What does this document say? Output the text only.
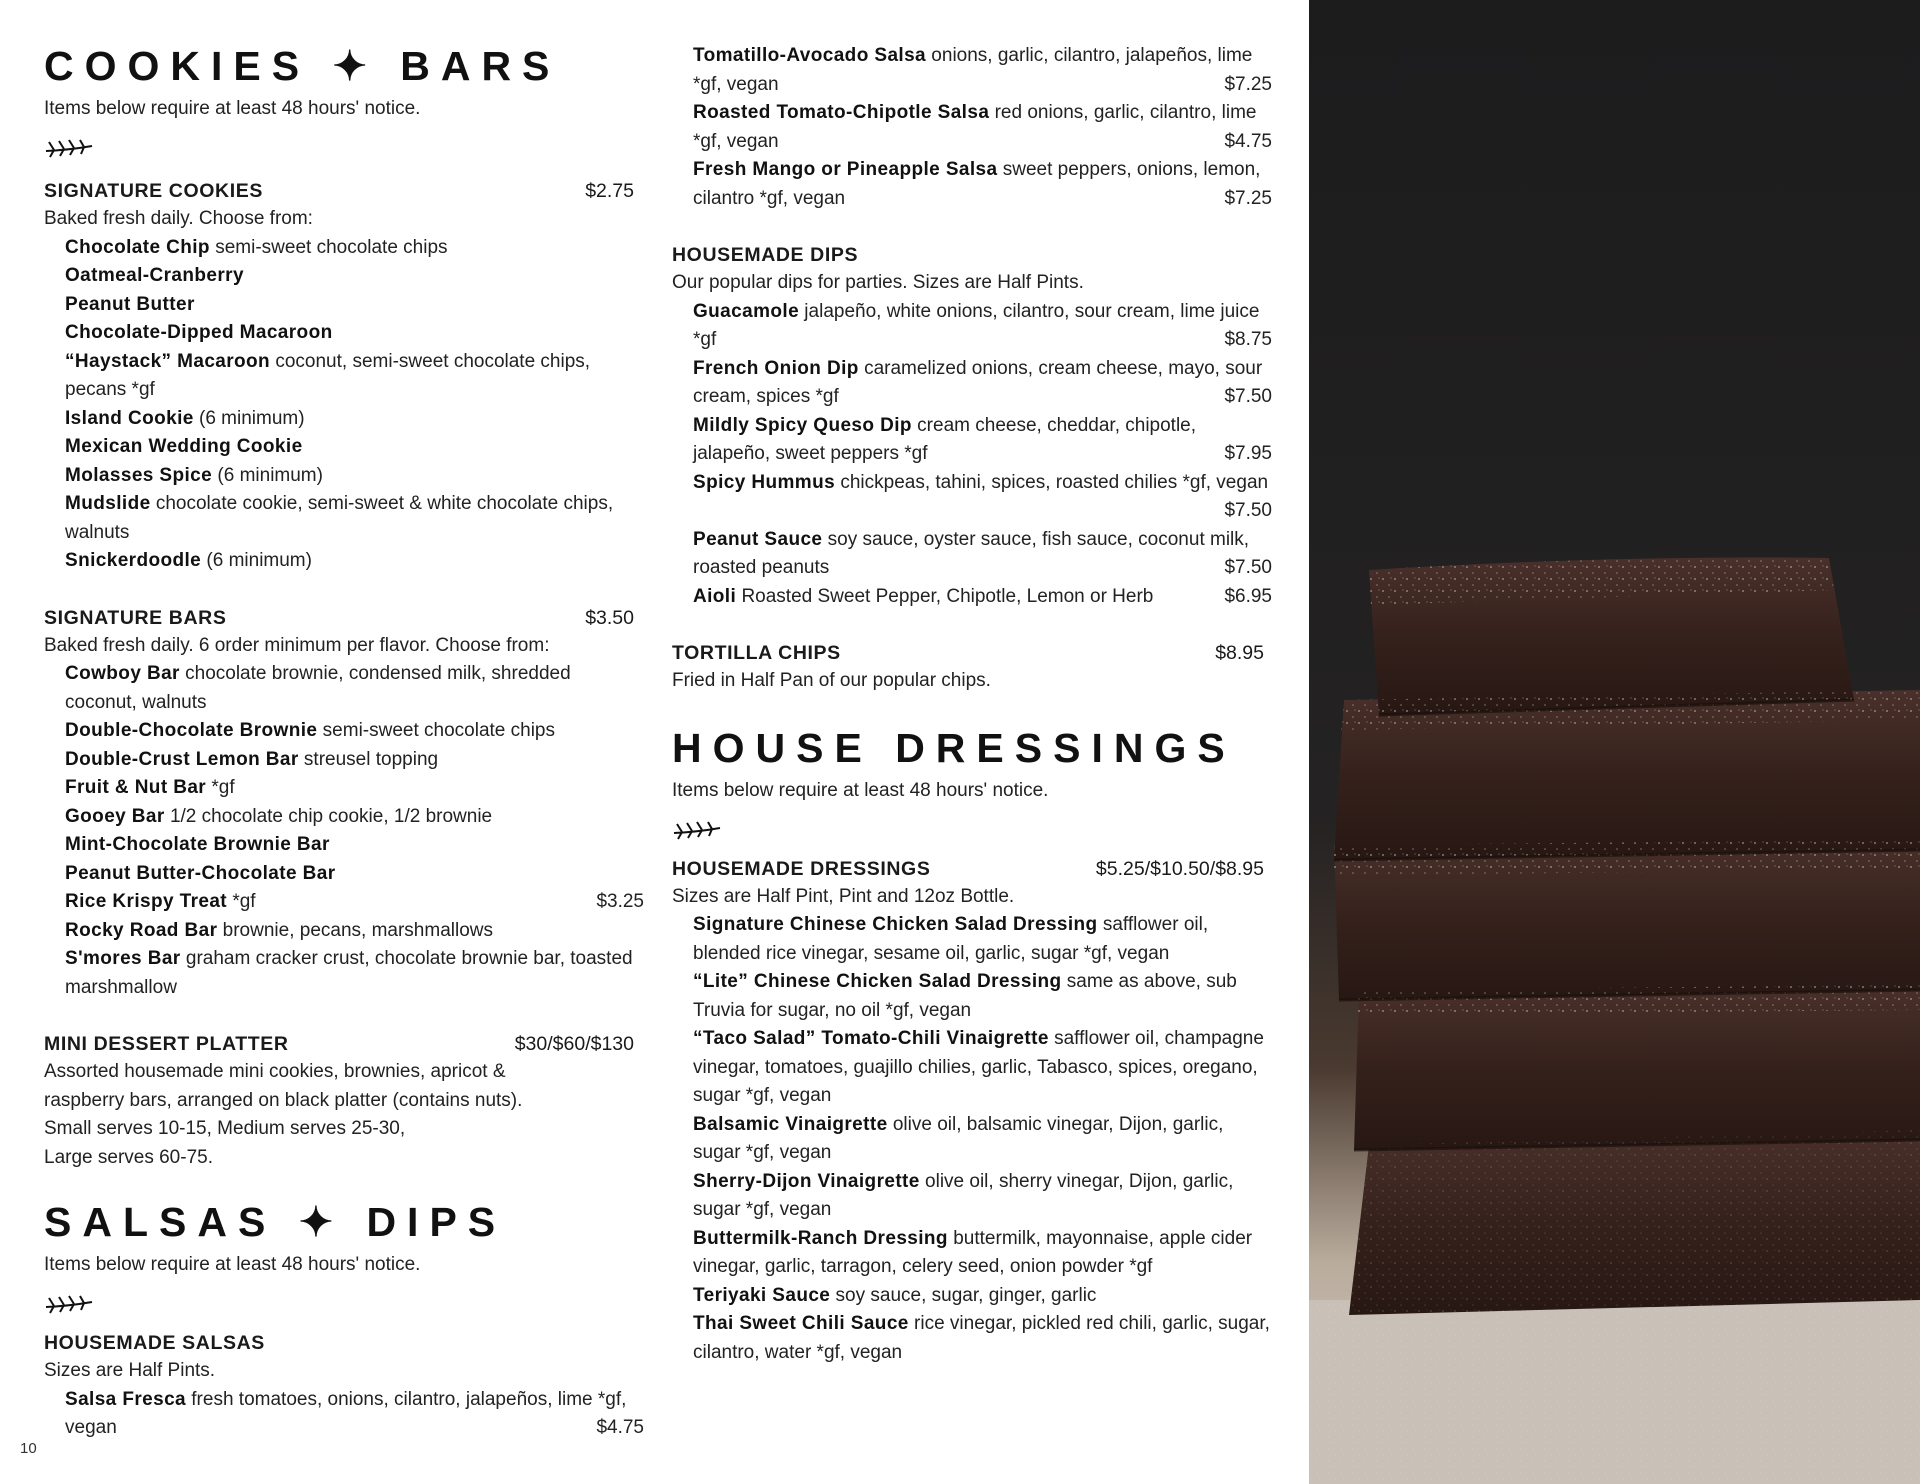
COOKIES ✦ BARS
Items below require at least 48 hours' notice.
SIGNATURE COOKIES	$2.75
Baked fresh daily. Choose from:
Chocolate Chip semi-sweet chocolate chips
Oatmeal-Cranberry
Peanut Butter
Chocolate-Dipped Macaroon
“Haystack” Macaroon coconut, semi-sweet chocolate chips, pecans *gf
Island Cookie (6 minimum)
Mexican Wedding Cookie
Molasses Spice (6 minimum)
Mudslide chocolate cookie, semi-sweet & white chocolate chips, walnuts
Snickerdoodle (6 minimum)
SIGNATURE BARS	$3.50
Baked fresh daily. 6 order minimum per flavor. Choose from:
Cowboy Bar chocolate brownie, condensed milk, shredded coconut, walnuts
Double-Chocolate Brownie semi-sweet chocolate chips
Double-Crust Lemon Bar streusel topping
Fruit & Nut Bar *gf
Gooey Bar 1/2 chocolate chip cookie, 1/2 brownie
Mint-Chocolate Brownie Bar
Peanut Butter-Chocolate Bar
Rice Krispy Treat *gf	$3.25
Rocky Road Bar brownie, pecans, marshmallows
S'mores Bar graham cracker crust, chocolate brownie bar, toasted marshmallow
MINI DESSERT PLATTER	$30/$60/$130
Assorted housemade mini cookies, brownies, apricot &
raspberry bars, arranged on black platter (contains nuts).
Small serves 10-15, Medium serves 25-30,
Large serves 60-75.
SALSAS ✦ DIPS
Items below require at least 48 hours' notice.
HOUSEMADE SALSAS
Sizes are Half Pints.
Salsa Fresca fresh tomatoes, onions, cilantro, jalapeños, lime *gf, vegan	$4.75
Tomatillo-Avocado Salsa onions, garlic, cilantro, jalapeños, lime *gf, vegan	$7.25
Roasted Tomato-Chipotle Salsa red onions, garlic, cilantro, lime *gf, vegan	$4.75
Fresh Mango or Pineapple Salsa sweet peppers, onions, lemon, cilantro *gf, vegan	$7.25
HOUSEMADE DIPS
Our popular dips for parties. Sizes are Half Pints.
Guacamole jalapeño, white onions, cilantro, sour cream, lime juice *gf	$8.75
French Onion Dip caramelized onions, cream cheese, mayo, sour cream, spices *gf	$7.50
Mildly Spicy Queso Dip cream cheese, cheddar, chipotle, jalapeño, sweet peppers *gf	$7.95
Spicy Hummus chickpeas, tahini, spices, roasted chilies *gf, vegan
$7.50
Peanut Sauce soy sauce, oyster sauce, fish sauce, coconut milk, roasted peanuts	$7.50
Aioli Roasted Sweet Pepper, Chipotle, Lemon or Herb	$6.95
TORTILLA CHIPS	$8.95
Fried in Half Pan of our popular chips.
HOUSE DRESSINGS
Items below require at least 48 hours' notice.
HOUSEMADE DRESSINGS	$5.25/$10.50/$8.95
Sizes are Half Pint, Pint and 12oz Bottle.
Signature Chinese Chicken Salad Dressing safflower oil, blended rice vinegar, sesame oil, garlic, sugar *gf, vegan
“Lite” Chinese Chicken Salad Dressing same as above, sub Truvia for sugar, no oil *gf, vegan
“Taco Salad” Tomato-Chili Vinaigrette safflower oil, champagne vinegar, tomatoes, guajillo chilies, garlic, Tabasco, spices, oregano, sugar *gf, vegan
Balsamic Vinaigrette olive oil, balsamic vinegar, Dijon, garlic, sugar *gf, vegan
Sherry-Dijon Vinaigrette olive oil, sherry vinegar, Dijon, garlic, sugar *gf, vegan
Buttermilk-Ranch Dressing buttermilk, mayonnaise, apple cider vinegar, garlic, tarragon, celery seed, onion powder *gf
Teriyaki Sauce soy sauce, sugar, ginger, garlic
Thai Sweet Chili Sauce rice vinegar, pickled red chili, garlic, sugar, cilantro, water *gf, vegan
10
